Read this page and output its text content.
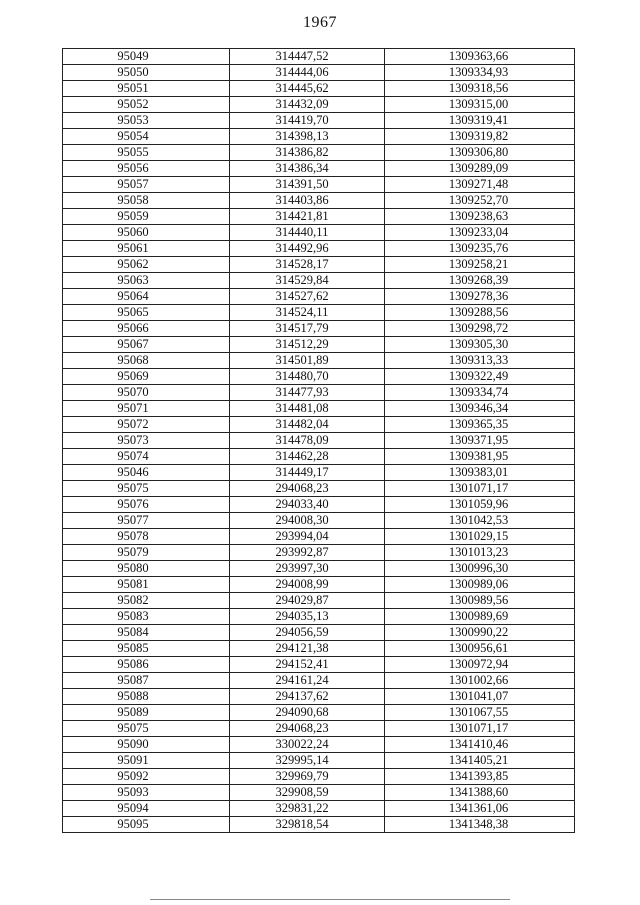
1967
95049	314447,52	1309363,66
95050	314444,06	1309334,93
95051	314445,62	1309318,56
95052	314432,09	1309315,00
95053	314419,70	1309319,41
95054	314398,13	1309319,82
95055	314386,82	1309306,80
95056	314386,34	1309289,09
95057	314391,50	1309271,48
95058	314403,86	1309252,70
95059	314421,81	1309238,63
95060	314440,11	1309233,04
95061	314492,96	1309235,76
95062	314528,17	1309258,21
95063	314529,84	1309268,39
95064	314527,62	1309278,36
95065	314524,11	1309288,56
95066	314517,79	1309298,72
95067	314512,29	1309305,30
95068	314501,89	1309313,33
95069	314480,70	1309322,49
95070	314477,93	1309334,74
95071	314481,08	1309346,34
95072	314482,04	1309365,35
95073	314478,09	1309371,95
95074	314462,28	1309381,95
95046	314449,17	1309383,01
95075	294068,23	1301071,17
95076	294033,40	1301059,96
95077	294008,30	1301042,53
95078	293994,04	1301029,15
95079	293992,87	1301013,23
95080	293997,30	1300996,30
95081	294008,99	1300989,06
95082	294029,87	1300989,56
95083	294035,13	1300989,69
95084	294056,59	1300990,22
95085	294121,38	1300956,61
95086	294152,41	1300972,94
95087	294161,24	1301002,66
95088	294137,62	1301041,07
95089	294090,68	1301067,55
95075	294068,23	1301071,17
95090	330022,24	1341410,46
95091	329995,14	1341405,21
95092	329969,79	1341393,85
95093	329908,59	1341388,60
95094	329831,22	1341361,06
95095	329818,54	1341348,38
